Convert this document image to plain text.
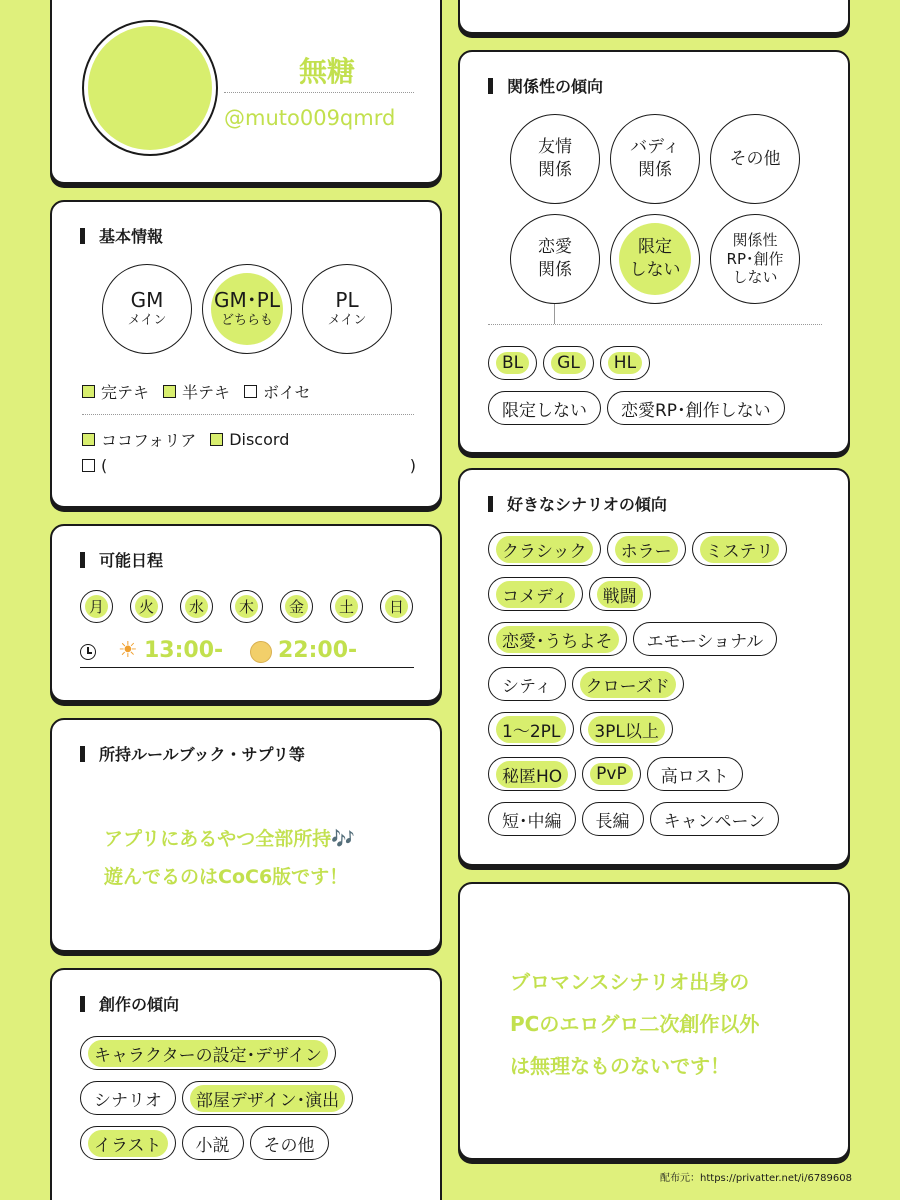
無糖
@muto009qmrd
基本情報
GM
メイン
GM･PL
どちらも
PL
メイン
完テキ 半テキ ボイセ
ココフォリア Discord
(	)
可能日程
月 火 水 木 金 土 日
☀ 13:00- 22:00-
所持ルールブック・サプリ等
アプリにあるやつ全部所持🎶
遊んでるのはCoC6版です！
創作の傾向
キャラクターの設定･デザイン
シナリオ	部屋デザイン･演出
イラスト	小説	その他
関係性の傾向
友情
関係
バディ
関係
その他
恋愛
関係
限定
しない
関係性
RP･創作
しない
BL	GL	HL
限定しない	恋愛RP･創作しない
好きなシナリオの傾向
クラシック	ホラー	ミステリ
コメディ	戦闘
恋愛･うちよそ	エモーショナル
シティ	クローズド
1〜2PL	3PL以上
秘匿HO	PvP	高ロスト
短･中編	長編	キャンペーン
ブロマンスシナリオ出身の
PCのエログロ二次創作以外
は無理なものないです！
配布元：https://privatter.net/i/6789608
